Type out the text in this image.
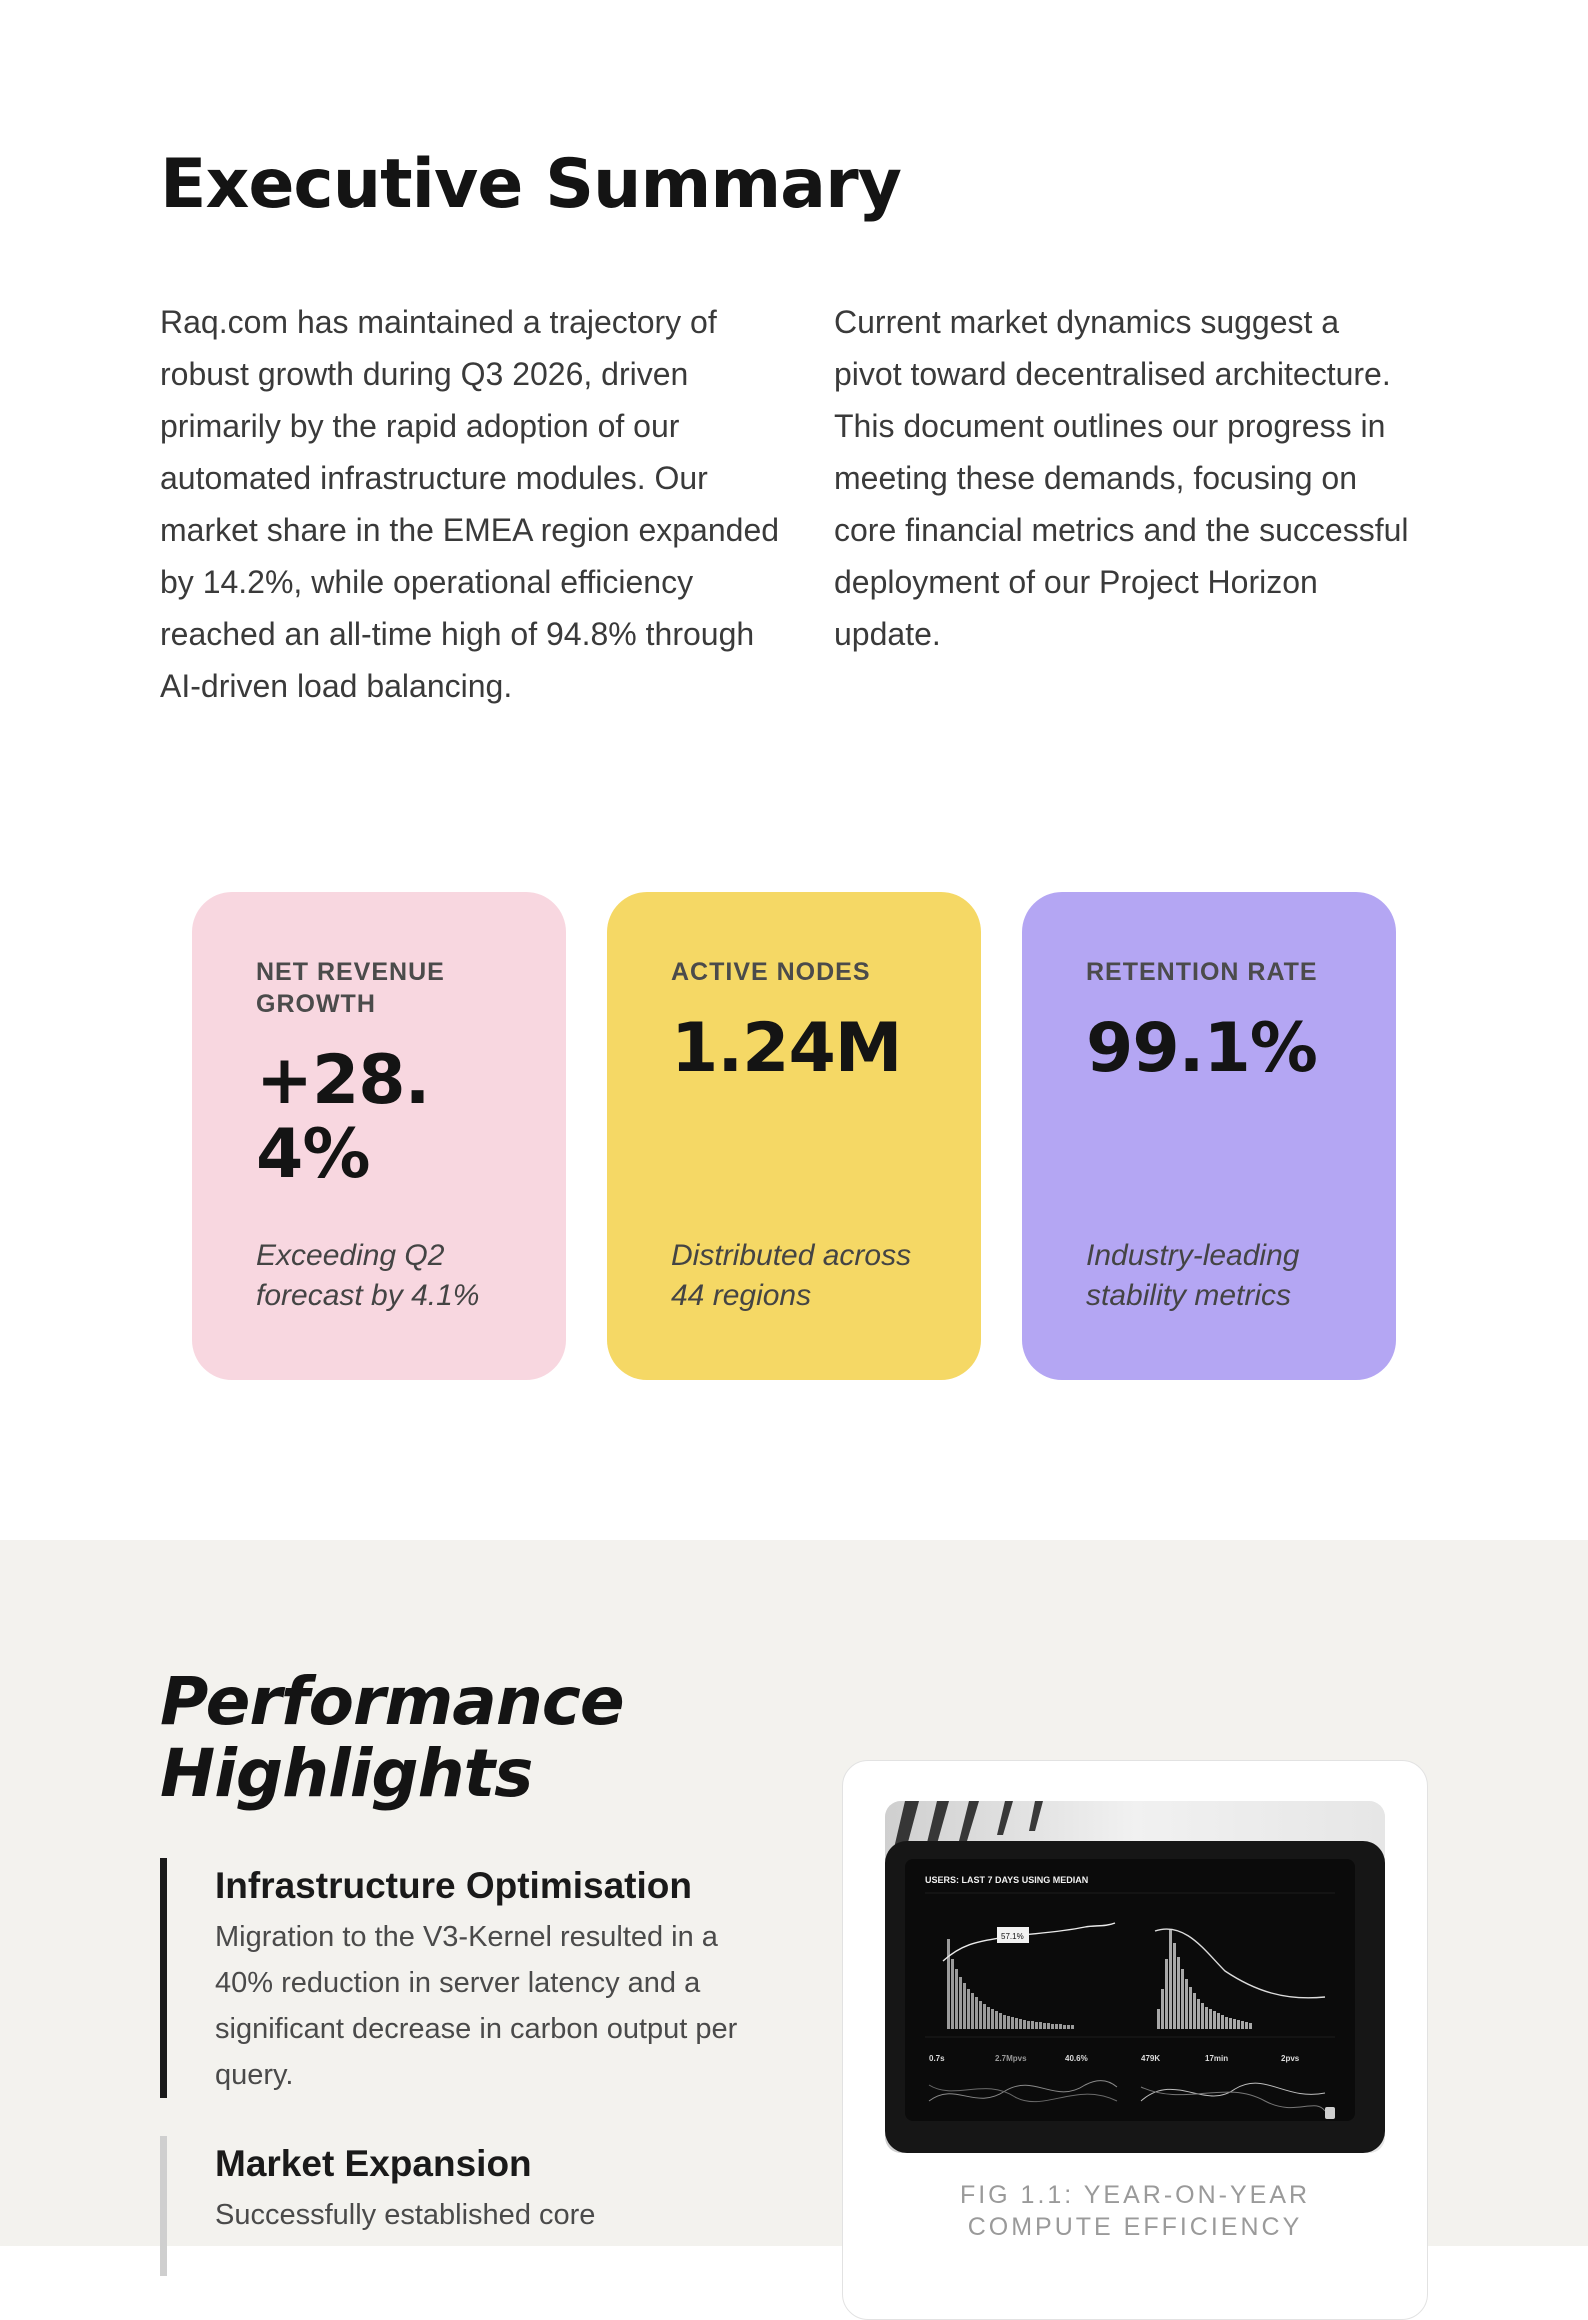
Executive Summary

Raq.com has maintained a trajectory of robust growth during Q3 2026, driven primarily by the rapid adoption of our automated infrastructure modules. Our market share in the EMEA region expanded by 14.2%, while operational efficiency reached an all-time high of 94.8% through AI-driven load balancing.

Current market dynamics suggest a pivot toward decentralised architecture. This document outlines our progress in meeting these demands, focusing on core financial metrics and the successful deployment of our Project Horizon update.

NET REVENUE GROWTH
+28.4%
Exceeding Q2 forecast by 4.1%
ACTIVE NODES
1.24M
Distributed across 44 regions
RETENTION RATE
99.1%
Industry-leading stability metrics
Performance Highlights
Infrastructure Optimisation
Migration to the V3-Kernel resulted in a 40% reduction in server latency and a significant decrease in carbon output per query.
Market Expansion
Successfully established core
USERS: LAST 7 DAYS USING MEDIAN
57.1%
0.7s	2.7Mpvs	40.6%	479K	17min	2pvs
FIG 1.1: YEAR-ON-YEAR COMPUTE EFFICIENCY
